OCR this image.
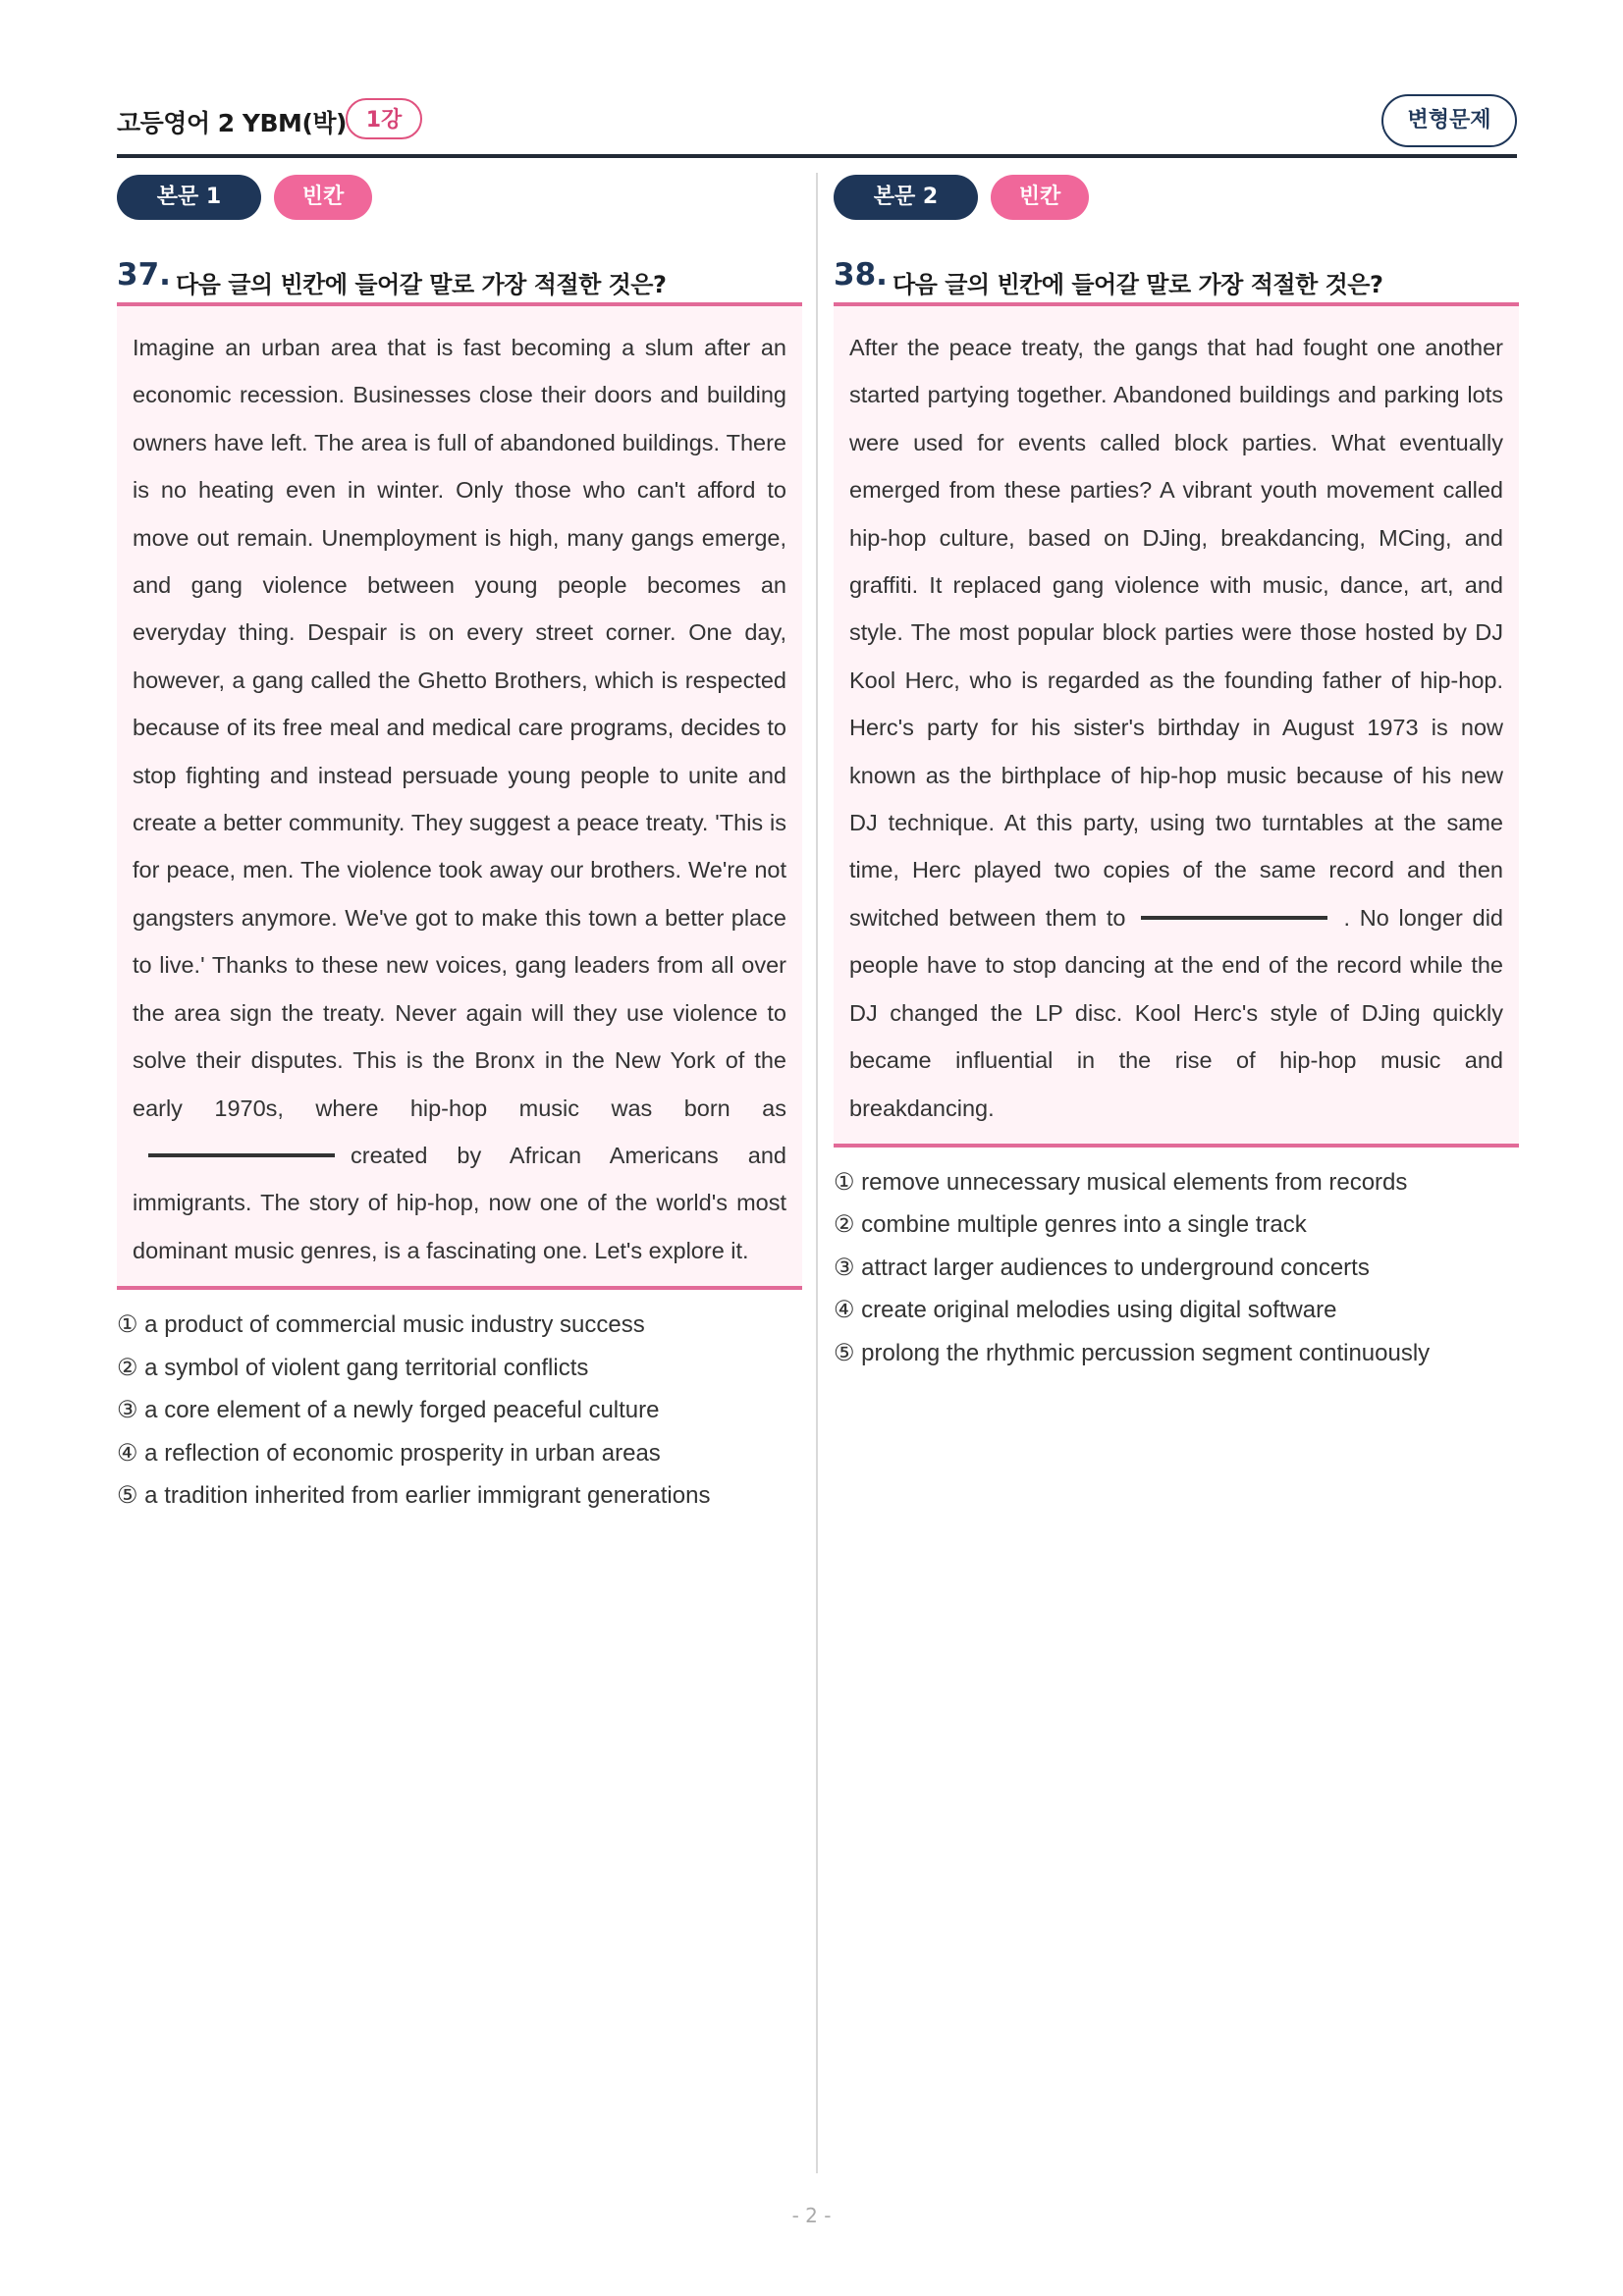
고등영어 2 YBM(박) 1강	변형문제
본문 1	빈칸
37. 다음 글의 빈칸에 들어갈 말로 가장 적절한 것은?
Imagine an urban area that is fast becoming a slum after an economic recession. Businesses close their doors and building owners have left. The area is full of abandoned buildings. There is no heating even in winter. Only those who can't afford to move out remain. Unemployment is high, many gangs emerge, and gang violence between young people becomes an everyday thing. Despair is on every street corner. One day, however, a gang called the Ghetto Brothers, which is respected because of its free meal and medical care programs, decides to stop fighting and instead persuade young people to unite and create a better community. They suggest a peace treaty. 'This is for peace, men. The violence took away our brothers. We're not gangsters anymore. We've got to make this town a better place to live.' Thanks to these new voices, gang leaders from all over the area sign the treaty. Never again will they use violence to solve their disputes. This is the Bronx in the New York of the early 1970s, where hip-hop music was born ascreated by African Americans and immigrants. The story of hip-hop, now one of the world's most dominant music genres, is a fascinating one. Let's explore it.
① a product of commercial music industry success
② a symbol of violent gang territorial conflicts
③ a core element of a newly forged peaceful culture
④ a reflection of economic prosperity in urban areas
⑤ a tradition inherited from earlier immigrant generations
본문 2	빈칸
38. 다음 글의 빈칸에 들어갈 말로 가장 적절한 것은?
After the peace treaty, the gangs that had fought one another started partying together. Abandoned buildings and parking lots were used for events called block parties. What eventually emerged from these parties? A vibrant youth movement called hip-hop culture, based on DJing, breakdancing, MCing, and graffiti. It replaced gang violence with music, dance, art, and style. The most popular block parties were those hosted by DJ Kool Herc, who is regarded as the founding father of hip-hop. Herc's party for his sister's birthday in August 1973 is now known as the birthplace of hip-hop music because of his new DJ technique. At this party, using two turntables at the same time, Herc played two copies of the same record and then switched between them to	. No longer did people have to stop dancing at the end of the record while the DJ changed the LP disc. Kool Herc's style of DJing quickly became influential in the rise of hip-hop music and breakdancing.
① remove unnecessary musical elements from records
② combine multiple genres into a single track
③ attract larger audiences to underground concerts
④ create original melodies using digital software
⑤ prolong the rhythmic percussion segment continuously
- 2 -
